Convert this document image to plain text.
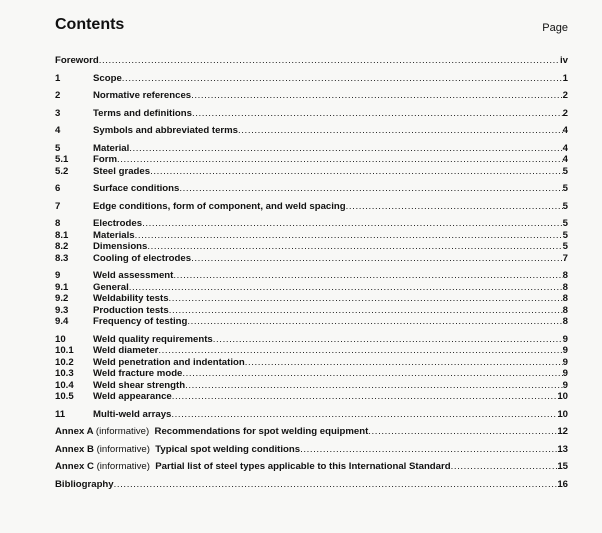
Contents	Page
Foreword .....	iv
1	Scope .....	1
2	Normative references .....	2
3	Terms and definitions .....	2
4	Symbols and abbreviated terms .....	4
5	Material .....	4
5.1	Form .....	4
5.2	Steel grades .....	5
6	Surface conditions .....	5
7	Edge conditions, form of component, and weld spacing .....	5
8	Electrodes .....	5
8.1	Materials .....	5
8.2	Dimensions .....	5
8.3	Cooling of electrodes .....	7
9	Weld assessment .....	8
9.1	General .....	8
9.2	Weldability tests .....	8
9.3	Production tests .....	8
9.4	Frequency of testing .....	8
10	Weld quality requirements .....	9
10.1	Weld diameter .....	9
10.2	Weld penetration and indentation .....	9
10.3	Weld fracture mode .....	9
10.4	Weld shear strength .....	9
10.5	Weld appearance .....	10
11	Multi-weld arrays .....	10
Annex A (informative) Recommendations for spot welding equipment .....	12
Annex B (informative) Typical spot welding conditions .....	13
Annex C (informative) Partial list of steel types applicable to this International Standard .....	15
Bibliography .....	16
